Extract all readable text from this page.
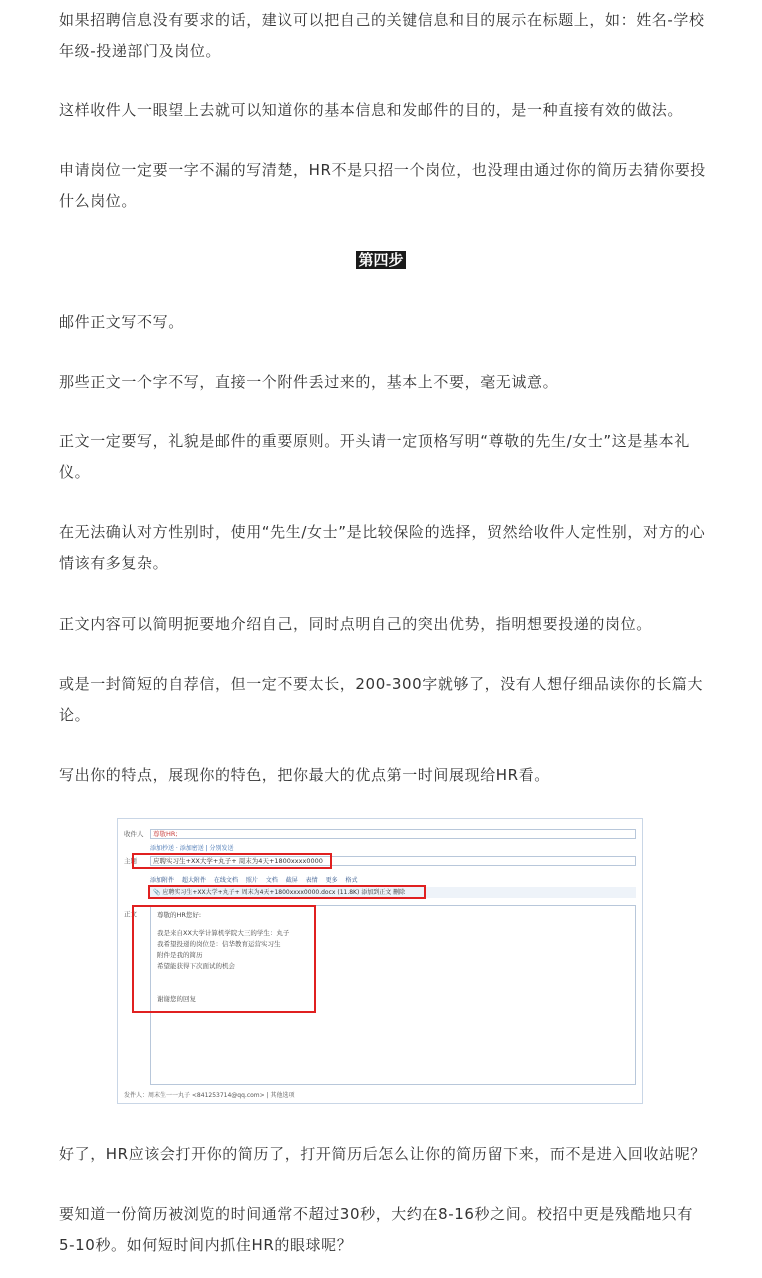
如果招聘信息没有要求的话，建议可以把自己的关键信息和目的展示在标题上，如：姓名-学校年级-投递部门及岗位。

这样收件人一眼望上去就可以知道你的基本信息和发邮件的目的，是一种直接有效的做法。

申请岗位一定要一字不漏的写清楚，HR不是只招一个岗位，也没理由通过你的简历去猜你要投什么岗位。

第四步

邮件正文写不写。

那些正文一个字不写，直接一个附件丢过来的，基本上不要，毫无诚意。

正文一定要写，礼貌是邮件的重要原则。开头请一定顶格写明“尊敬的先生/女士”这是基本礼仪。

在无法确认对方性别时，使用“先生/女士”是比较保险的选择，贸然给收件人定性别，对方的心情该有多复杂。

正文内容可以简明扼要地介绍自己，同时点明自己的突出优势，指明想要投递的岗位。

或是一封简短的自荐信，但一定不要太长，200-300字就够了，没有人想仔细品读你的长篇大论。

写出你的特点，展现你的特色，把你最大的优点第一时间展现给HR看。

收件人	尊敬HR;
添加抄送 · 添加密送 | 分别发送
主题	应聘实习生+XX大学+丸子+ 周末为4天+1800xxxx0000
添加附件 超大附件 在线文档 照片 文档 截屏 表情 更多 格式
📎 应聘实习生+XX大学+丸子+ 周末为4天+1800xxxx0000.docx (11.8K) 添加到正文 删除
正文	尊敬的HR您好:
我是来自XX大学计算机学院大三的学生：丸子
我希望投递的岗位是：信华教育运营实习生
附件是我的简历
希望能获得下次面试的机会
谢谢您的回复
发件人：周末生一一丸子 <841253714@qq.com> | 其他选项

好了，HR应该会打开你的简历了，打开简历后怎么让你的简历留下来，而不是进入回收站呢？

要知道一份简历被浏览的时间通常不超过30秒，大约在8-16秒之间。校招中更是残酷地只有5-10秒。如何短时间内抓住HR的眼球呢？
